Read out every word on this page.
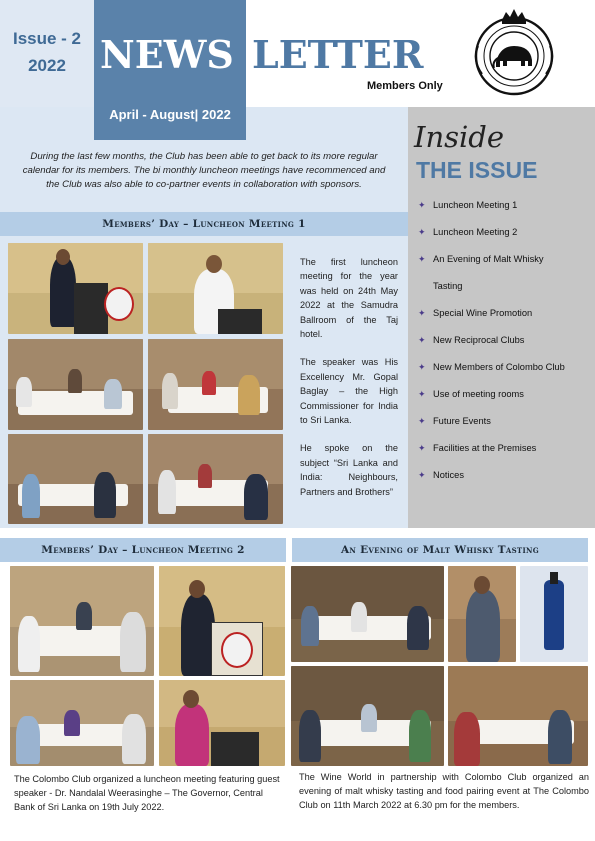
Issue - 2
2022 NEWS LETTER
Members Only
April - August| 2022
During the last few months, the Club has been able to get back to its more regular calendar for its members. The bi monthly luncheon meetings have recommenced and the Club was also able to co-partner events in collaboration with sponsors.
Members’ Day – Luncheon Meeting 1

The first luncheon meeting for the year was held on 24th May 2022 at the Samudra Ballroom of the Taj hotel.

The speaker was His Excellency Mr. Gopal Baglay – the High Commissioner for India to Sri Lanka.

He spoke on the subject “Sri Lanka and India: Neighbours, Partners and Brothers”

Inside
THE ISSUE
✦ Luncheon Meeting 1
✦ Luncheon Meeting 2
✦ An Evening of Malt Whisky
Tasting
✦ Special Wine Promotion
✦ New Reciprocal Clubs
✦ New Members of Colombo Club
✦ Use of meeting rooms
✦ Future Events
✦ Facilities at the Premises
✦ Notices
Members’ Day – Luncheon Meeting 2
The Colombo Club organized a luncheon meeting featuring guest speaker - Dr. Nandalal Weerasinghe – The Governor, Central Bank of Sri Lanka on 19th July 2022.
An Evening of Malt Whisky Tasting
The Wine World in partnership with Colombo Club organized an evening of malt whisky tasting and food pairing event at The Colombo Club on 11th March 2022 at 6.30 pm for the members.
